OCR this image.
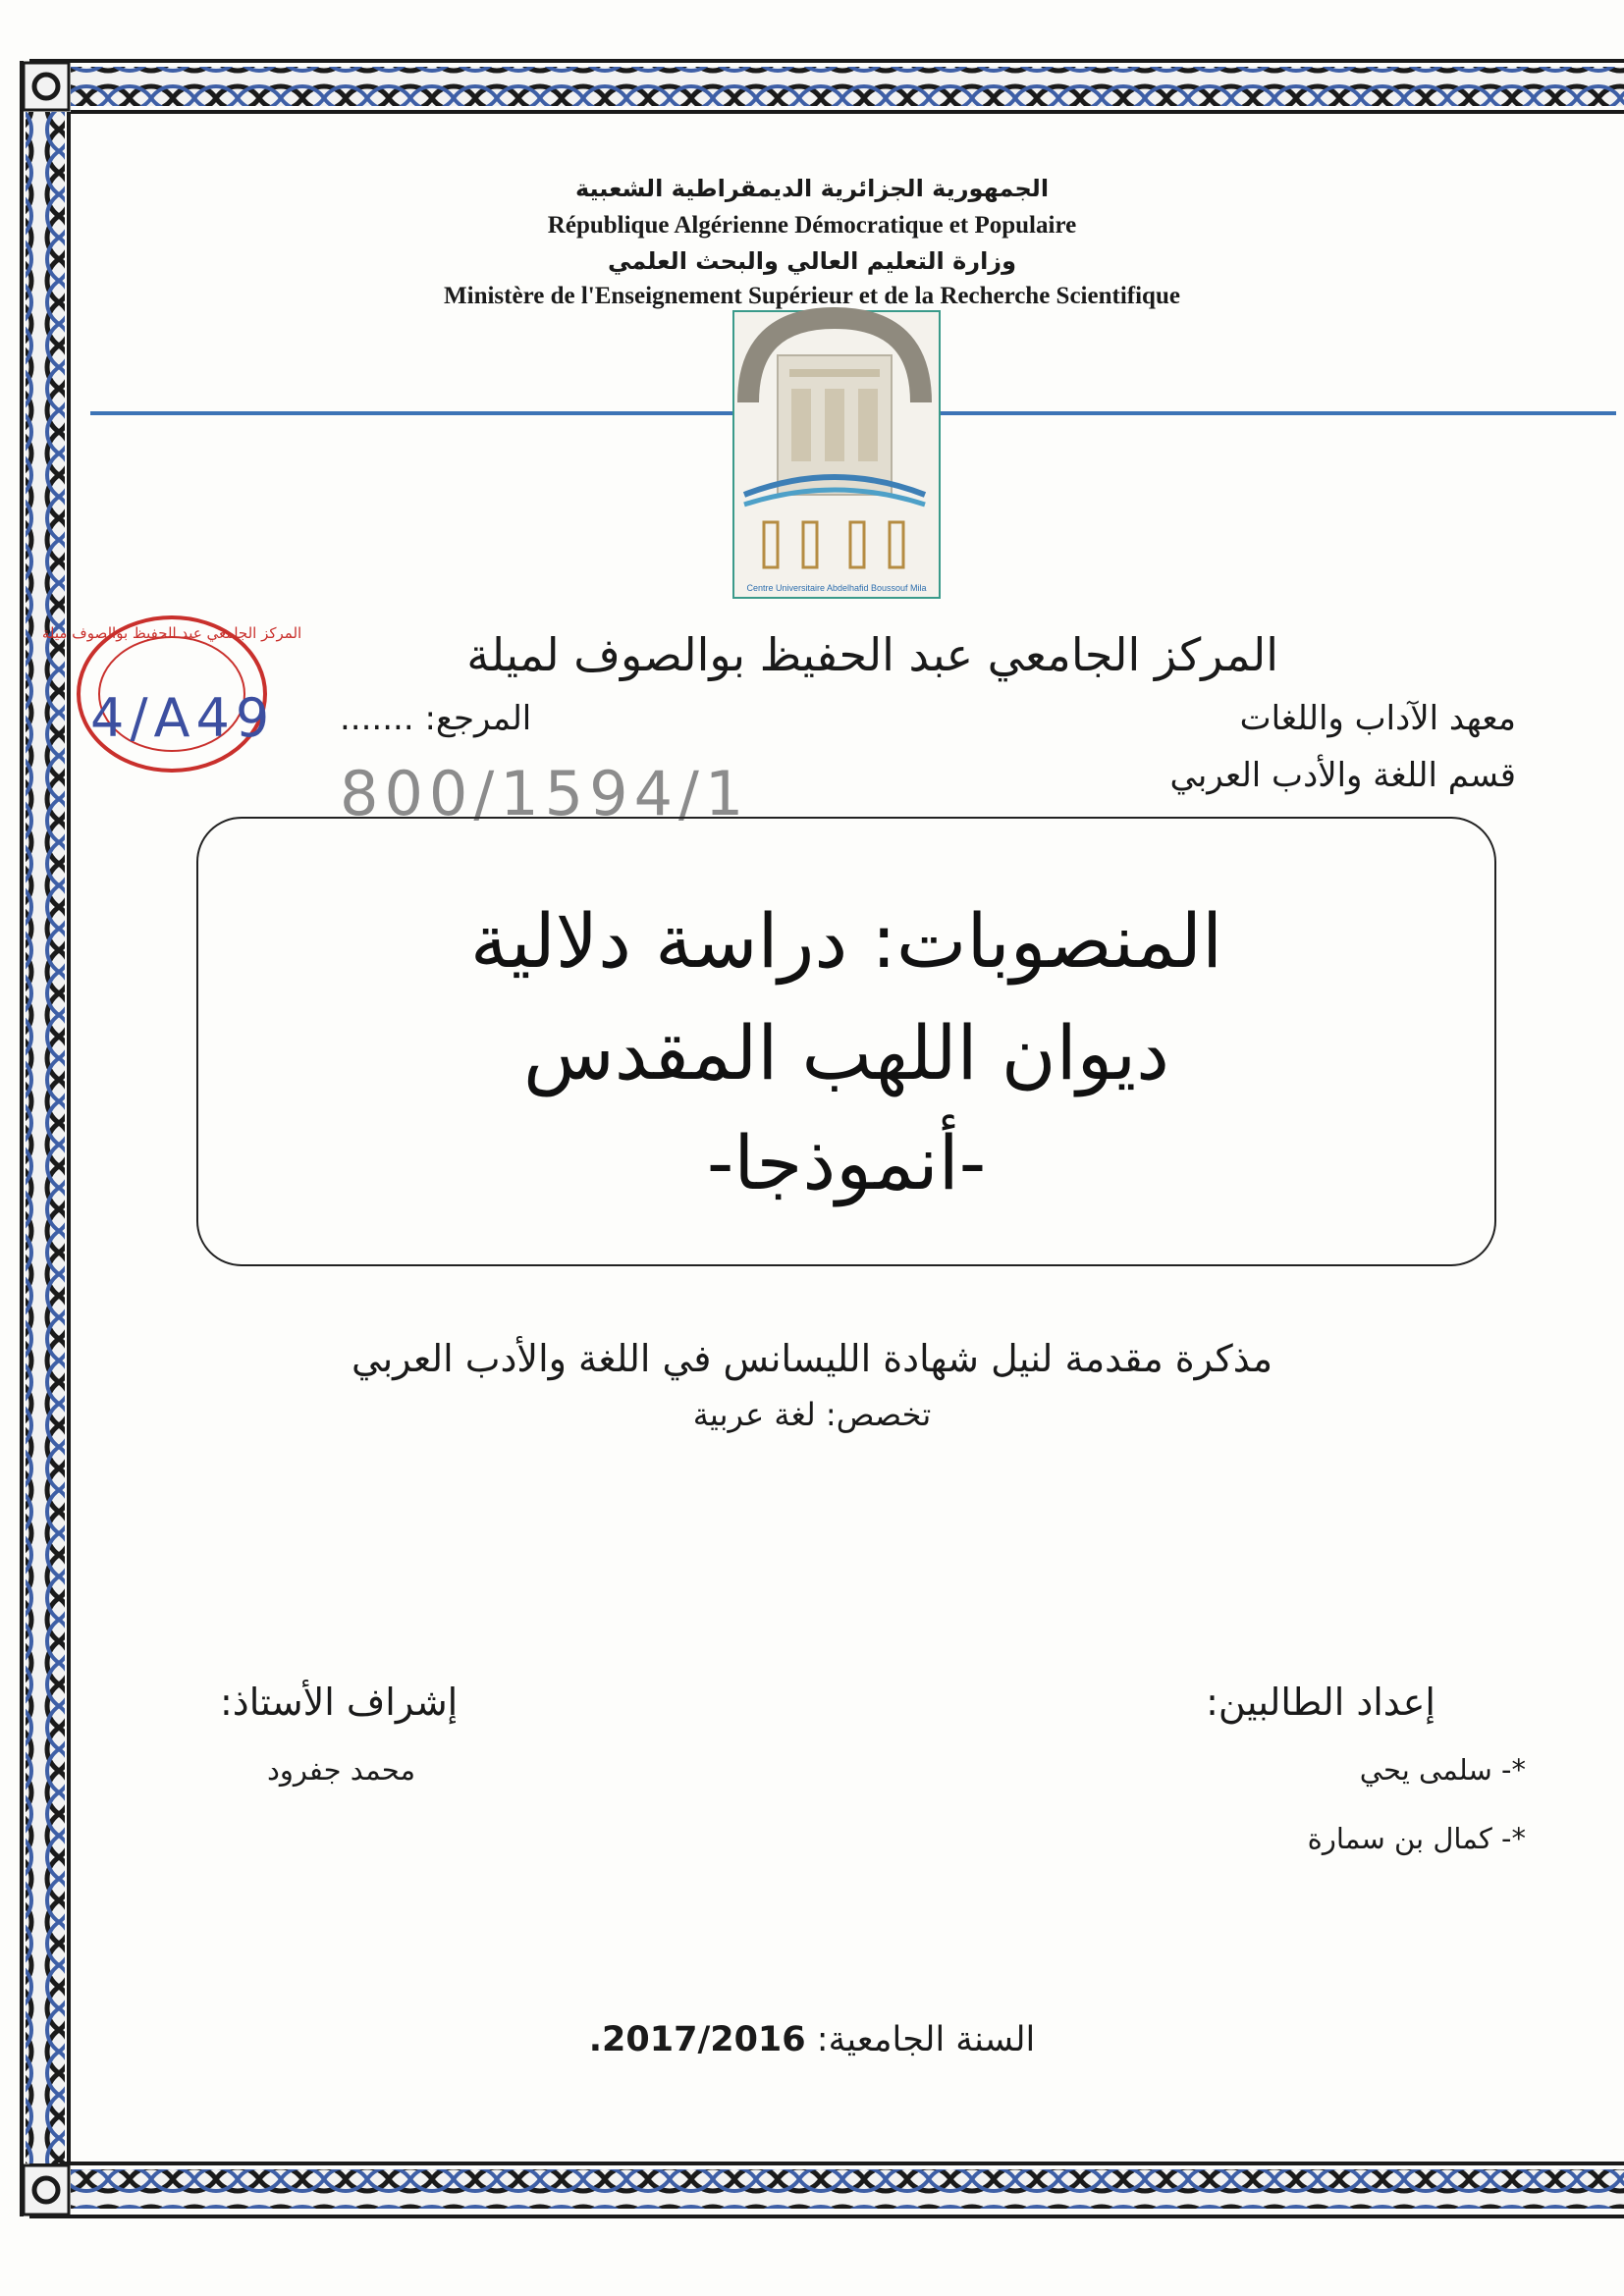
الجمهورية الجزائرية الديمقراطية الشعبية
République Algérienne Démocratique et Populaire
وزارة التعليم العالي والبحث العلمي
Ministère de l'Enseignement Supérieur et de la Recherche Scientifique
Centre Universitaire Abdelhafid Boussouf Mila
المركز الجامعي عبد الحفيظ بوالصوف لميلة
معهد الآداب واللغات
قسم اللغة والأدب العربي
المرجع: .......
المركز الجامعي عبد الحفيظ بوالصوف ميلة
4/A49
800/1594/1
المنصوبات: دراسة دلالية
ديوان اللهب المقدس
-أنموذجا-
مذكرة مقدمة لنيل شهادة الليسانس في اللغة والأدب العربي
تخصص: لغة عربية
إعداد الطالبين:
*- سلمى يحي
*- كمال بن سمارة
إشراف الأستاذ:
محمد جفرود
السنة الجامعية: 2017/2016.
